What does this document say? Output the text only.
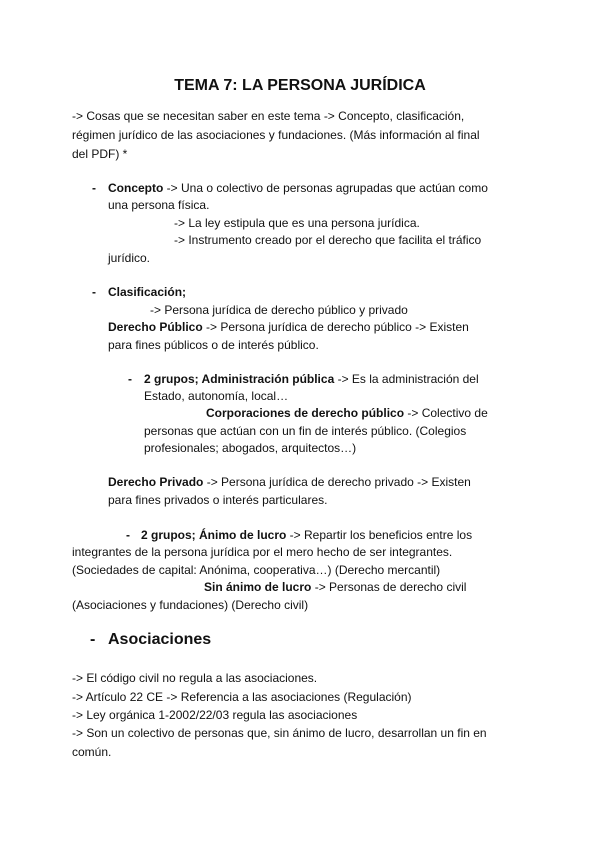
TEMA 7: LA PERSONA JURÍDICA
-> Cosas que se necesitan saber en este tema -> Concepto, clasificación,
régimen jurídico de las asociaciones y fundaciones. (Más información al final
del PDF) *
- Concepto -> Una o colectivo de personas agrupadas que actúan como
una persona física.
-> La ley estipula que es una persona jurídica.
-> Instrumento creado por el derecho que facilita el tráfico
jurídico.
- Clasificación;
-> Persona jurídica de derecho público y privado
Derecho Público -> Persona jurídica de derecho público -> Existen
para fines públicos o de interés público.
- 2 grupos; Administración pública -> Es la administración del
Estado, autonomía, local…
Corporaciones de derecho público -> Colectivo de
personas que actúan con un fin de interés público. (Colegios
profesionales; abogados, arquitectos…)
Derecho Privado -> Persona jurídica de derecho privado -> Existen
para fines privados o interés particulares.
- 2 grupos; Ánimo de lucro -> Repartir los beneficios entre los
integrantes de la persona jurídica por el mero hecho de ser integrantes.
(Sociedades de capital: Anónima, cooperativa…) (Derecho mercantil)
Sin ánimo de lucro -> Personas de derecho civil
(Asociaciones y fundaciones) (Derecho civil)
- Asociaciones
-> El código civil no regula a las asociaciones.
-> Artículo 22 CE -> Referencia a las asociaciones (Regulación)
-> Ley orgánica 1-2002/22/03 regula las asociaciones
-> Son un colectivo de personas que, sin ánimo de lucro, desarrollan un fin en
común.
